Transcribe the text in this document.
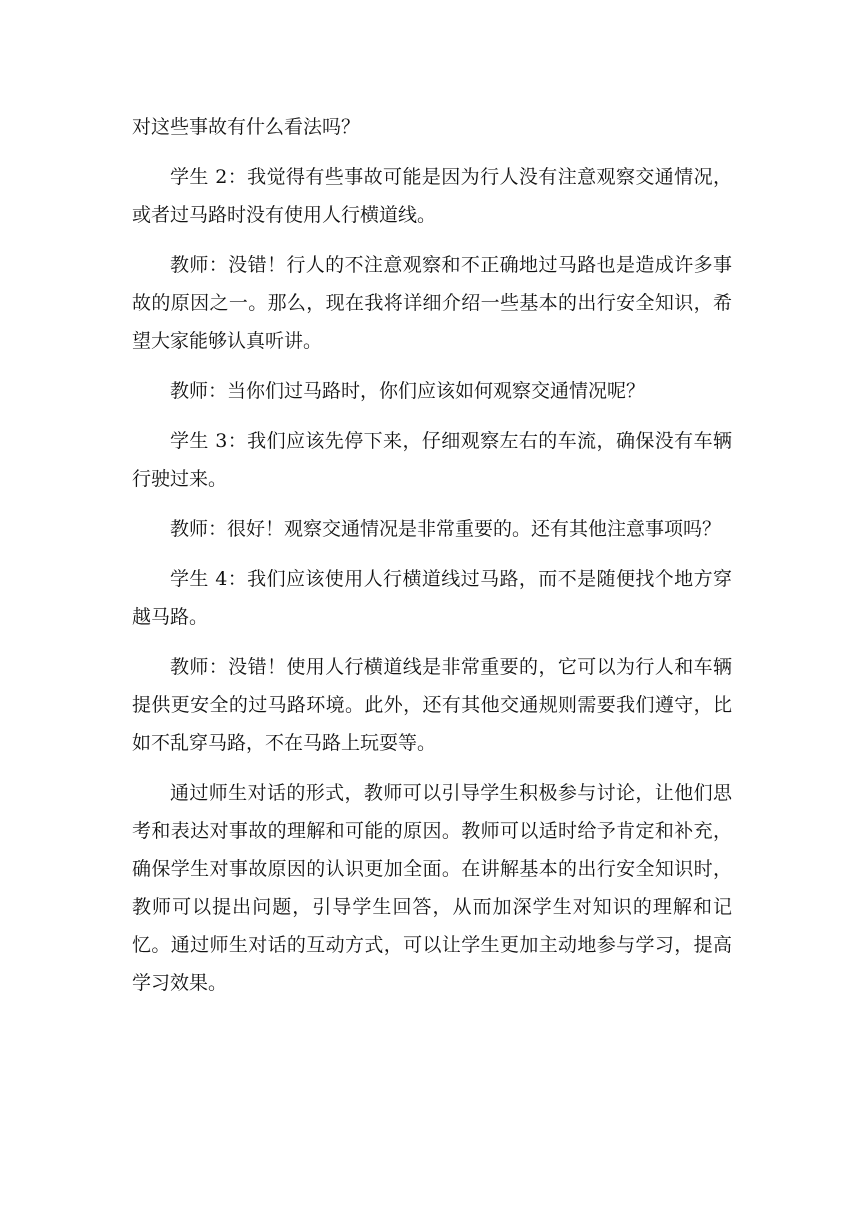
对这些事故有什么看法吗？

学生 2：我觉得有些事故可能是因为行人没有注意观察交通情况，或者过马路时没有使用人行横道线。

教师：没错！行人的不注意观察和不正确地过马路也是造成许多事故的原因之一。那么，现在我将详细介绍一些基本的出行安全知识，希望大家能够认真听讲。

教师：当你们过马路时，你们应该如何观察交通情况呢？

学生 3：我们应该先停下来，仔细观察左右的车流，确保没有车辆行驶过来。

教师：很好！观察交通情况是非常重要的。还有其他注意事项吗？

学生 4：我们应该使用人行横道线过马路，而不是随便找个地方穿越马路。

教师：没错！使用人行横道线是非常重要的，它可以为行人和车辆提供更安全的过马路环境。此外，还有其他交通规则需要我们遵守，比如不乱穿马路，不在马路上玩耍等。

通过师生对话的形式，教师可以引导学生积极参与讨论，让他们思考和表达对事故的理解和可能的原因。教师可以适时给予肯定和补充，确保学生对事故原因的认识更加全面。在讲解基本的出行安全知识时，教师可以提出问题，引导学生回答，从而加深学生对知识的理解和记忆。通过师生对话的互动方式，可以让学生更加主动地参与学习，提高学习效果。
